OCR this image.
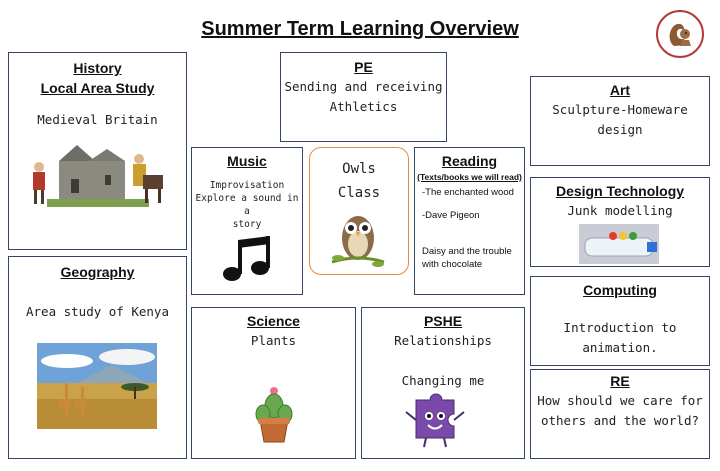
Summer Term Learning Overview
History
Local Area Study
Medieval Britain
Geography
Area study of Kenya
PE
Sending and receiving
Athletics
Music
Improvisation
Explore a sound in a
story
Owls
Class
Reading
(Texts/books we will read)
-The enchanted wood
-Dave Pigeon
Daisy and the trouble with chocolate
Art
Sculpture-Homeware
design
Design Technology
Junk modelling
Computing
Introduction to
animation.
RE
How should we care for
others and the world?
Science
Plants
PSHE
Relationships
Changing me
